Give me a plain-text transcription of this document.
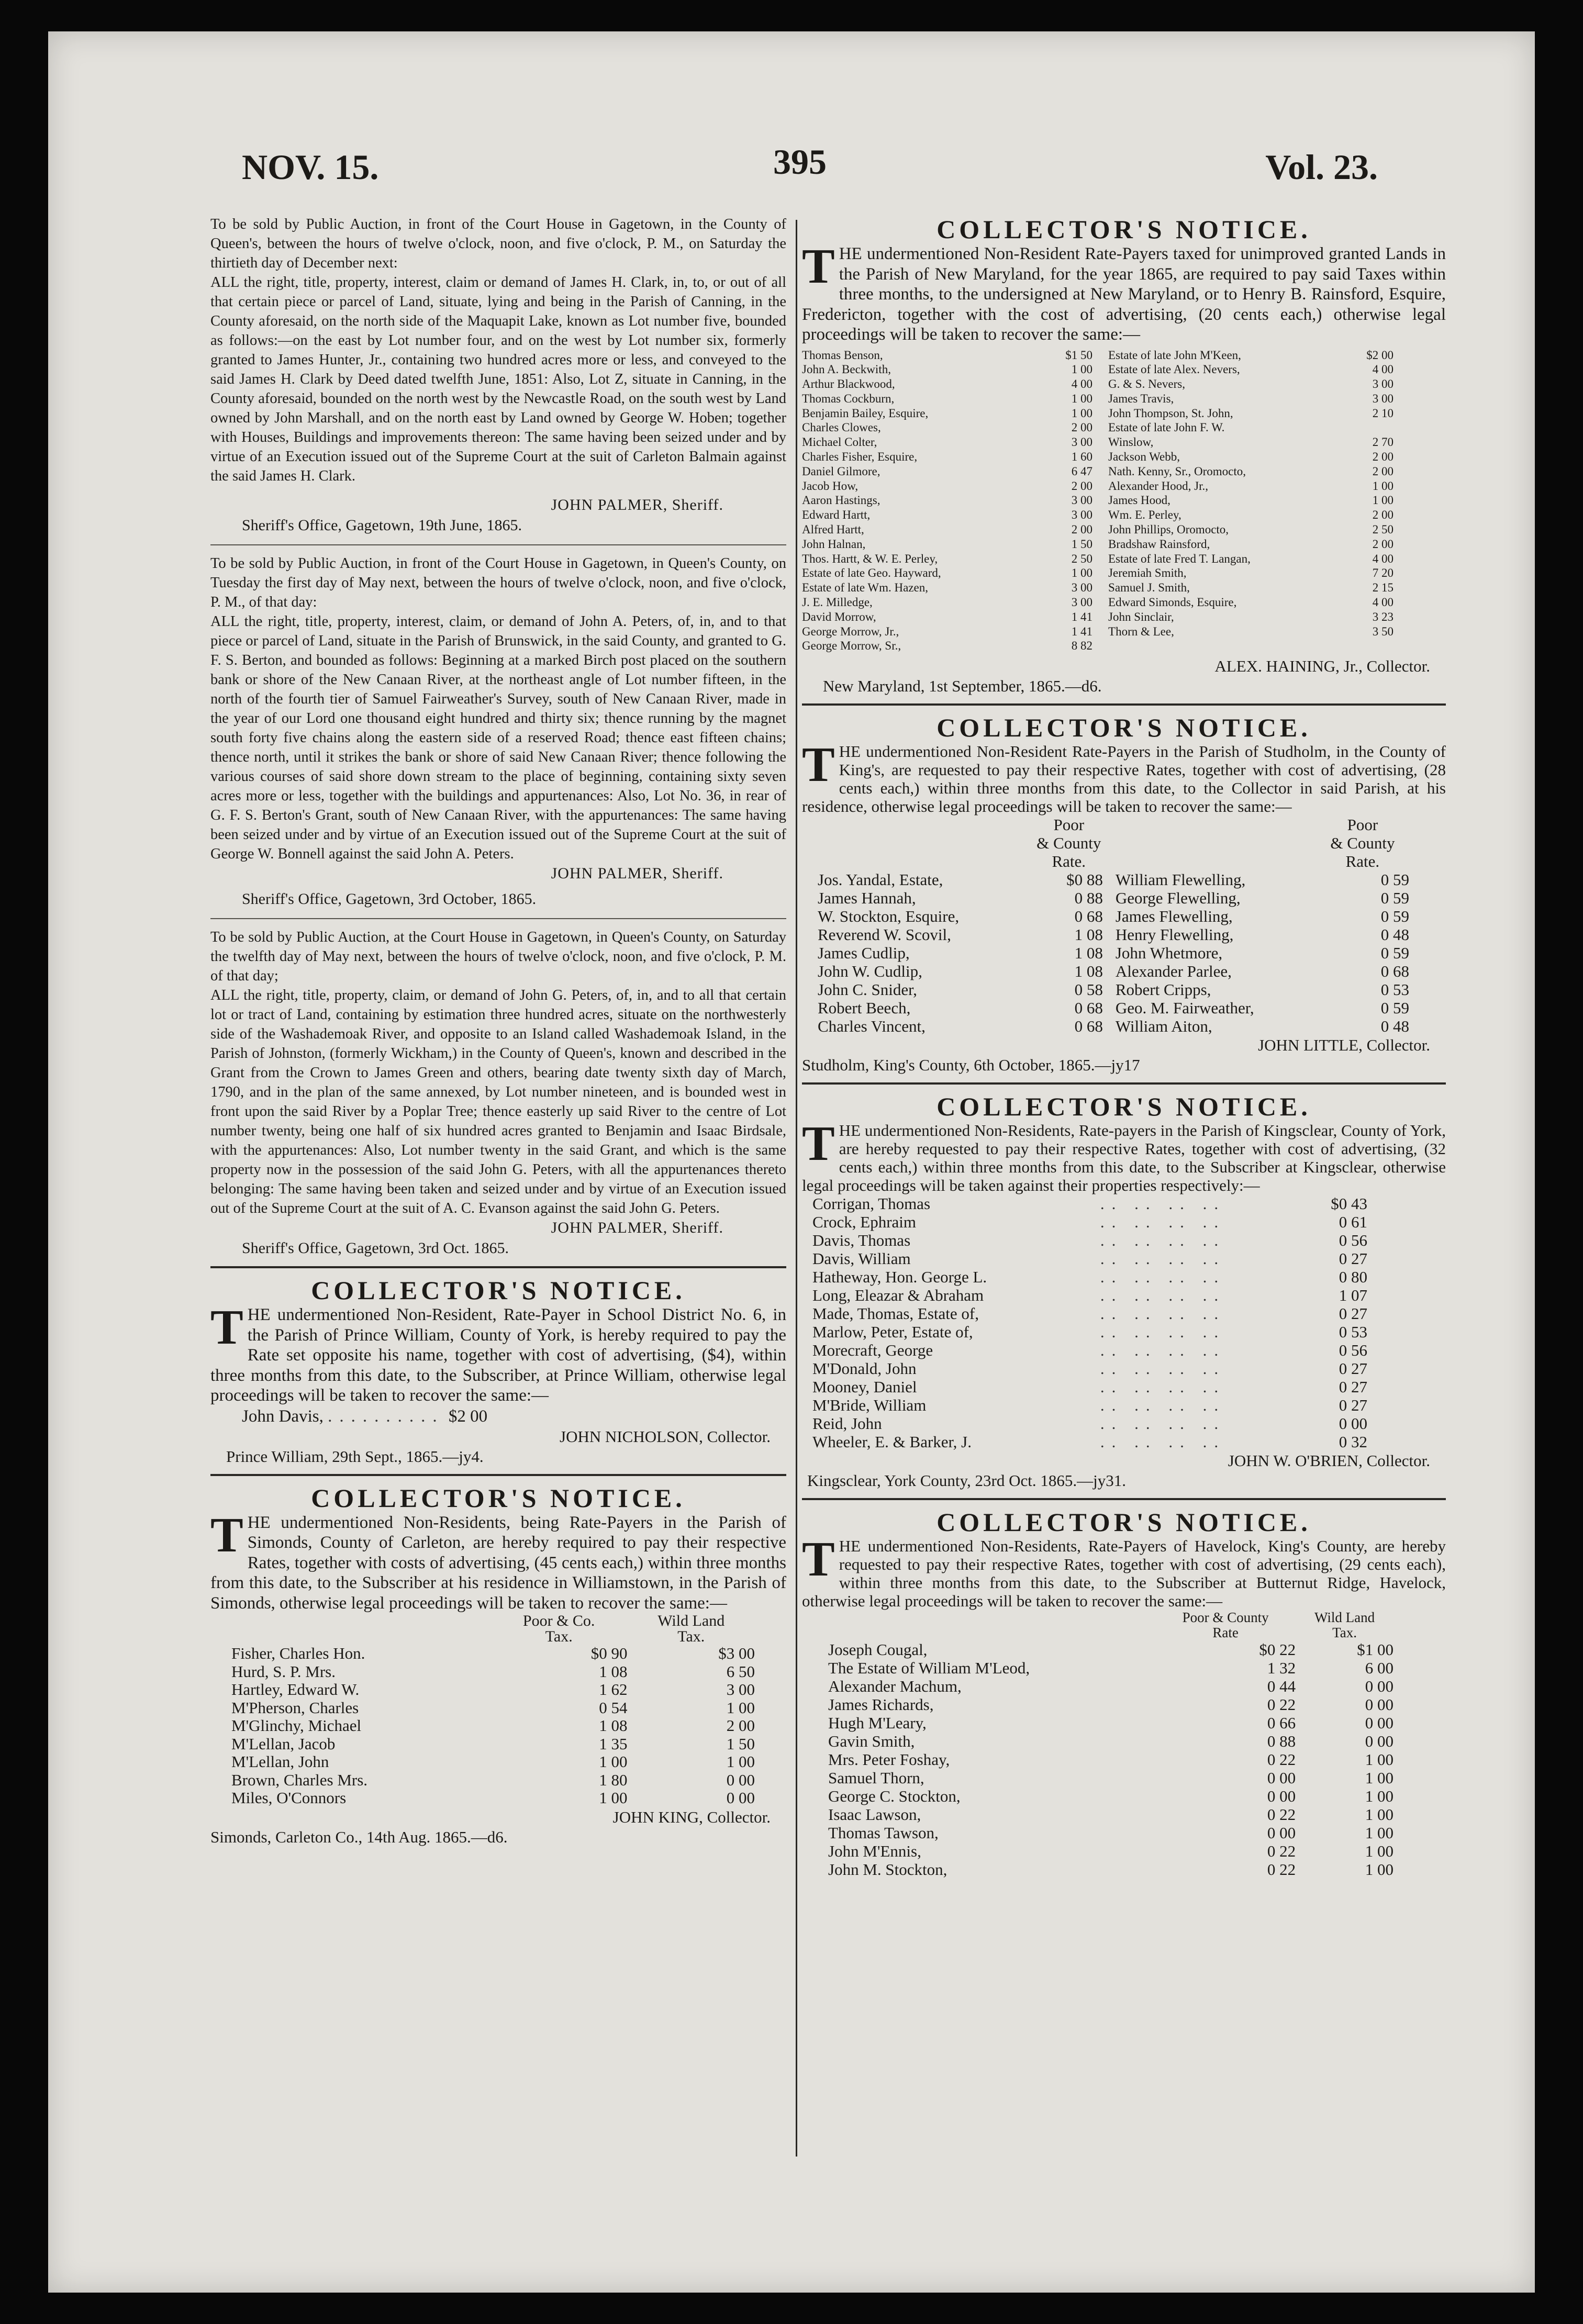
NOV. 15.	395	Vol. 23.

To be sold by Public Auction, in front of the Court House in Gagetown, in the County of Queen's, between the hours of twelve o'clock, noon, and five o'clock, P. M., on Saturday the thirtieth day of December next:

ALL the right, title, property, interest, claim or demand of James H. Clark, in, to, or out of all that certain piece or parcel of Land, situate, lying and being in the Parish of Canning, in the County aforesaid, on the north side of the Maquapit Lake, known as Lot number five, bounded as follows:—on the east by Lot number four, and on the west by Lot number six, formerly granted to James Hunter, Jr., containing two hundred acres more or less, and conveyed to the said James H. Clark by Deed dated twelfth June, 1851: Also, Lot Z, situate in Canning, in the County aforesaid, bounded on the north west by the Newcastle Road, on the south west by Land owned by John Marshall, and on the north east by Land owned by George W. Hoben; together with Houses, Buildings and improvements thereon: The same having been seized under and by virtue of an Execution issued out of the Supreme Court at the suit of Carleton Balmain against the said James H. Clark.

JOHN PALMER, Sheriff.

Sheriff's Office, Gagetown, 19th June, 1865.

To be sold by Public Auction, in front of the Court House in Gagetown, in Queen's County, on Tuesday the first day of May next, between the hours of twelve o'clock, noon, and five o'clock, P. M., of that day:

ALL the right, title, property, interest, claim, or demand of John A. Peters, of, in, and to that piece or parcel of Land, situate in the Parish of Brunswick, in the said County, and granted to G. F. S. Berton, and bounded as follows: Beginning at a marked Birch post placed on the southern bank or shore of the New Canaan River, at the northeast angle of Lot number fifteen, in the north of the fourth tier of Samuel Fairweather's Survey, south of New Canaan River, made in the year of our Lord one thousand eight hundred and thirty six; thence running by the magnet south forty five chains along the eastern side of a reserved Road; thence east fifteen chains; thence north, until it strikes the bank or shore of said New Canaan River; thence following the various courses of said shore down stream to the place of beginning, containing sixty seven acres more or less, together with the buildings and appurtenances: Also, Lot No. 36, in rear of G. F. S. Berton's Grant, south of New Canaan River, with the appurtenances: The same having been seized under and by virtue of an Execution issued out of the Supreme Court at the suit of George W. Bonnell against the said John A. Peters.

JOHN PALMER, Sheriff.

Sheriff's Office, Gagetown, 3rd October, 1865.

To be sold by Public Auction, at the Court House in Gagetown, in Queen's County, on Saturday the twelfth day of May next, between the hours of twelve o'clock, noon, and five o'clock, P. M. of that day;

ALL the right, title, property, claim, or demand of John G. Peters, of, in, and to all that certain lot or tract of Land, containing by estimation three hundred acres, situate on the northwesterly side of the Washademoak River, and opposite to an Island called Washademoak Island, in the Parish of Johnston, (formerly Wickham,) in the County of Queen's, known and described in the Grant from the Crown to James Green and others, bearing date twenty sixth day of March, 1790, and in the plan of the same annexed, by Lot number nineteen, and is bounded west in front upon the said River by a Poplar Tree; thence easterly up said River to the centre of Lot number twenty, being one half of six hundred acres granted to Benjamin and Isaac Birdsale, with the appurtenances: Also, Lot number twenty in the said Grant, and which is the same property now in the possession of the said John G. Peters, with all the appurtenances thereto belonging: The same having been taken and seized under and by virtue of an Execution issued out of the Supreme Court at the suit of A. C. Evanson against the said John G. Peters.

JOHN PALMER, Sheriff.

Sheriff's Office, Gagetown, 3rd Oct. 1865.

COLLECTOR'S NOTICE.

THE undermentioned Non-Resident, Rate-Payer in School District No. 6, in the Parish of Prince William, County of York, is hereby required to pay the Rate set opposite his name, together with cost of advertising, ($4), within three months from this date, to the Subscriber, at Prince William, otherwise legal proceedings will be taken to recover the same:—

John Davis, .......... $2 00

JOHN NICHOLSON, Collector.

Prince William, 29th Sept., 1865.—jy4.

COLLECTOR'S NOTICE.

THE undermentioned Non-Residents, being Rate-Payers in the Parish of Simonds, County of Carleton, are hereby required to pay their respective Rates, together with costs of advertising, (45 cents each,) within three months from this date, to the Subscriber at his residence in Williamstown, in the Parish of Simonds, otherwise legal proceedings will be taken to recover the same:—

	Poor & Co.
Tax.	Wild Land
Tax.
Fisher, Charles Hon.	$0 90	$3 00
Hurd, S. P. Mrs.	1 08	6 50
Hartley, Edward W.	1 62	3 00
M'Pherson, Charles	0 54	1 00
M'Glinchy, Michael	1 08	2 00
M'Lellan, Jacob	1 35	1 50
M'Lellan, John	1 00	1 00
Brown, Charles Mrs.	1 80	0 00
Miles, O'Connors	1 00	0 00

JOHN KING, Collector.

Simonds, Carleton Co., 14th Aug. 1865.—d6.

COLLECTOR'S NOTICE.

THE undermentioned Non-Resident Rate-Payers taxed for unimproved granted Lands in the Parish of New Maryland, for the year 1865, are required to pay said Taxes within three months, to the undersigned at New Maryland, or to Henry B. Rainsford, Esquire, Fredericton, together with the cost of advertising, (20 cents each,) otherwise legal proceedings will be taken to recover the same:—

Thomas Benson,	$1 50	Estate of late John M'Keen,	$2 00
John A. Beckwith,	1 00	Estate of late Alex. Nevers,	4 00
Arthur Blackwood,	4 00	G. & S. Nevers,	3 00
Thomas Cockburn,	1 00	James Travis,	3 00
Benjamin Bailey, Esquire,	1 00	John Thompson, St. John,	2 10
Charles Clowes,	2 00	Estate of late John F. W.	
Michael Colter,	3 00	Winslow,	2 70
Charles Fisher, Esquire,	1 60	Jackson Webb,	2 00
Daniel Gilmore,	6 47	Nath. Kenny, Sr., Oromocto,	2 00
Jacob How,	2 00	Alexander Hood, Jr.,	1 00
Aaron Hastings,	3 00	James Hood,	1 00
Edward Hartt,	3 00	Wm. E. Perley,	2 00
Alfred Hartt,	2 00	John Phillips, Oromocto,	2 50
John Halnan,	1 50	Bradshaw Rainsford,	2 00
Thos. Hartt, & W. E. Perley,	2 50	Estate of late Fred T. Langan,	4 00
Estate of late Geo. Hayward,	1 00	Jeremiah Smith,	7 20
Estate of late Wm. Hazen,	3 00	Samuel J. Smith,	2 15
J. E. Milledge,	3 00	Edward Simonds, Esquire,	4 00
David Morrow,	1 41	John Sinclair,	3 23
George Morrow, Jr.,	1 41	Thorn & Lee,	3 50
George Morrow, Sr.,	8 82		

ALEX. HAINING, Jr., Collector.

New Maryland, 1st September, 1865.—d6.

COLLECTOR'S NOTICE.

THE undermentioned Non-Resident Rate-Payers in the Parish of Studholm, in the County of King's, are requested to pay their respective Rates, together with cost of advertising, (28 cents each,) within three months from this date, to the Collector in said Parish, at his residence, otherwise legal proceedings will be taken to recover the same:—

	Poor
& County
Rate.		Poor
& County
Rate.
Jos. Yandal, Estate,	$0 88	William Flewelling,	0 59
James Hannah,	0 88	George Flewelling,	0 59
W. Stockton, Esquire,	0 68	James Flewelling,	0 59
Reverend W. Scovil,	1 08	Henry Flewelling,	0 48
James Cudlip,	1 08	John Whetmore,	0 59
John W. Cudlip,	1 08	Alexander Parlee,	0 68
John C. Snider,	0 58	Robert Cripps,	0 53
Robert Beech,	0 68	Geo. M. Fairweather,	0 59
Charles Vincent,	0 68	William Aiton,	0 48

JOHN LITTLE, Collector.

Studholm, King's County, 6th October, 1865.—jy17

COLLECTOR'S NOTICE.

THE undermentioned Non-Residents, Rate-payers in the Parish of Kingsclear, County of York, are hereby requested to pay their respective Rates, together with cost of advertising, (32 cents each,) within three months from this date, to the Subscriber at Kingsclear, otherwise legal proceedings will be taken against their properties respectively:—

Corrigan, Thomas	.. .. .. ..	$0 43
Crock, Ephraim	.. .. .. ..	0 61
Davis, Thomas	.. .. .. ..	0 56
Davis, William	.. .. .. ..	0 27
Hatheway, Hon. George L.	.. .. .. ..	0 80
Long, Eleazar & Abraham	.. .. .. ..	1 07
Made, Thomas, Estate of,	.. .. .. ..	0 27
Marlow, Peter, Estate of,	.. .. .. ..	0 53
Morecraft, George	.. .. .. ..	0 56
M'Donald, John	.. .. .. ..	0 27
Mooney, Daniel	.. .. .. ..	0 27
M'Bride, William	.. .. .. ..	0 27
Reid, John	.. .. .. ..	0 00
Wheeler, E. & Barker, J.	.. .. .. ..	0 32

JOHN W. O'BRIEN, Collector.

Kingsclear, York County, 23rd Oct. 1865.—jy31.

COLLECTOR'S NOTICE.

THE undermentioned Non-Residents, Rate-Payers of Havelock, King's County, are hereby requested to pay their respective Rates, together with cost of advertising, (29 cents each), within three months from this date, to the Subscriber at Butternut Ridge, Havelock, otherwise legal proceedings will be taken to recover the same:—

	Poor & County
Rate	Wild Land
Tax.
Joseph Cougal,	$0 22	$1 00
The Estate of William M'Leod,	1 32	6 00
Alexander Machum,	0 44	0 00
James Richards,	0 22	0 00
Hugh M'Leary,	0 66	0 00
Gavin Smith,	0 88	0 00
Mrs. Peter Foshay,	0 22	1 00
Samuel Thorn,	0 00	1 00
George C. Stockton,	0 00	1 00
Isaac Lawson,	0 22	1 00
Thomas Tawson,	0 00	1 00
John M'Ennis,	0 22	1 00
John M. Stockton,	0 22	1 00
